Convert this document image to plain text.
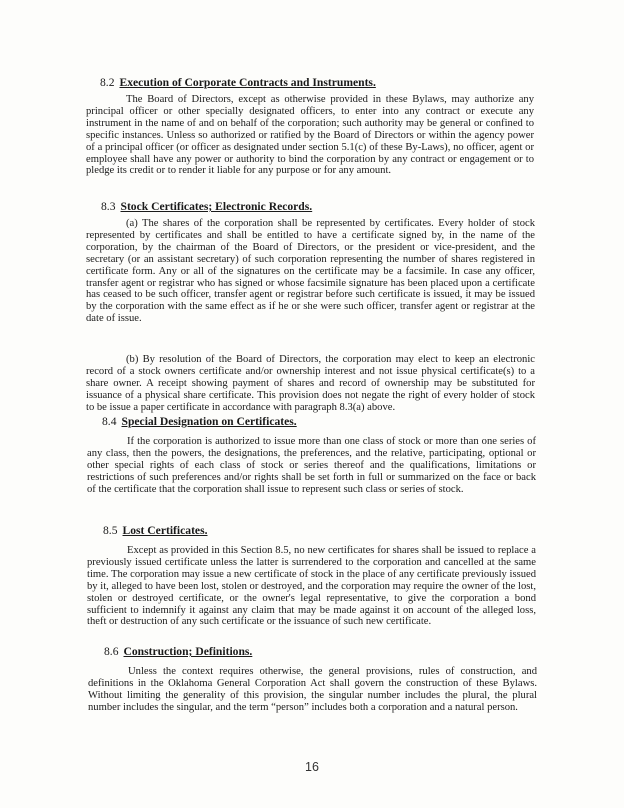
8.2 Execution of Corporate Contracts and Instruments.

The Board of Directors, except as otherwise provided in these Bylaws, may authorize any principal officer or other specially designated officers, to enter into any contract or execute any instrument in the name of and on behalf of the corporation; such authority may be general or confined to specific instances. Unless so authorized or ratified by the Board of Directors or within the agency power of a principal officer (or officer as designated under section 5.1(c) of these By-Laws), no officer, agent or employee shall have any power or authority to bind the corporation by any contract or engagement or to pledge its credit or to render it liable for any purpose or for any amount.

8.3 Stock Certificates; Electronic Records.

(a) The shares of the corporation shall be represented by certificates. Every holder of stock represented by certificates and shall be entitled to have a certificate signed by, in the name of the corporation, by the chairman of the Board of Directors, or the president or vice-president, and the secretary (or an assistant secretary) of such corporation representing the number of shares registered in certificate form. Any or all of the signatures on the certificate may be a facsimile. In case any officer, transfer agent or registrar who has signed or whose facsimile signature has been placed upon a certificate has ceased to be such officer, transfer agent or registrar before such certificate is issued, it may be issued by the corporation with the same effect as if he or she were such officer, transfer agent or registrar at the date of issue.

(b) By resolution of the Board of Directors, the corporation may elect to keep an electronic record of a stock owners certificate and/or ownership interest and not issue physical certificate(s) to a share owner. A receipt showing payment of shares and record of ownership may be substituted for issuance of a physical share certificate. This provision does not negate the right of every holder of stock to be issue a paper certificate in accordance with paragraph 8.3(a) above.

8.4 Special Designation on Certificates.

If the corporation is authorized to issue more than one class of stock or more than one series of any class, then the powers, the designations, the preferences, and the relative, participating, optional or other special rights of each class of stock or series thereof and the qualifications, limitations or restrictions of such preferences and/or rights shall be set forth in full or summarized on the face or back of the certificate that the corporation shall issue to represent such class or series of stock.

8.5 Lost Certificates.

Except as provided in this Section 8.5, no new certificates for shares shall be issued to replace a previously issued certificate unless the latter is surrendered to the corporation and cancelled at the same time. The corporation may issue a new certificate of stock in the place of any certificate previously issued by it, alleged to have been lost, stolen or destroyed, and the corporation may require the owner of the lost, stolen or destroyed certificate, or the owner's legal representative, to give the corporation a bond sufficient to indemnify it against any claim that may be made against it on account of the alleged loss, theft or destruction of any such certificate or the issuance of such new certificate.

8.6 Construction; Definitions.

Unless the context requires otherwise, the general provisions, rules of construction, and definitions in the Oklahoma General Corporation Act shall govern the construction of these Bylaws. Without limiting the generality of this provision, the singular number includes the plural, the plural number includes the singular, and the term “person” includes both a corporation and a natural person.

16
